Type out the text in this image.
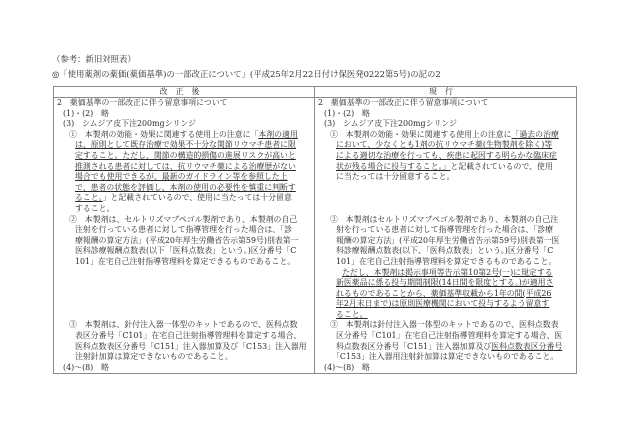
（参考：新旧対照表）
◎「使用薬剤の薬価(薬価基準)の一部改正について」(平成25年2月22日付け保医発0222第5号)の記の2
改正後	現行

2　薬価基準の一部改正に伴う留意事項について
(1)・(2)　略
(3)　シムジア皮下注200mgシリンジ
①　本製剤の効能・効果に関連する使用上の注意に「本剤の適用
は、原則として既存治療で効果不十分な関節リウマチ患者に限
定すること。ただし、関節の構造的損傷の進展リスクが高いと
推測される患者に対しては、抗リウマチ薬による治療歴がない
場合でも使用できるが、最新のガイドライン等を参照した上
で、患者の状態を評価し、本剤の使用の必要性を慎重に判断す
ること。」と記載されているので、使用に当たっては十分留意
すること。
②　本製剤は、セルトリズマブペゴル製剤であり、本製剤の自己
注射を行っている患者に対して指導管理を行った場合は、「診
療報酬の算定方法」(平成20年厚生労働省告示第59号)別表第一
医科診療報酬点数表(以下「医科点数表」という。)区分番号「C
101」在宅自己注射指導管理料を算定できるものであること。
③　本製剤は、針付注入器一体型のキットであるので、医科点数
表区分番号「C101」在宅自己注射指導管理料を算定する場合、
医科点数表区分番号「C151」注入器加算及び「C153」注入器用
注射針加算は算定できないものであること。
(4)～(8)　略

2　薬価基準の一部改正に伴う留意事項について
(1)・(2)　略
(3)　シムジア皮下注200mgシリンジ
①　本製剤の効能・効果に関連する使用上の注意に「過去の治療
において、少なくとも1剤の抗リウマチ薬(生物製剤を除く)等
による適切な治療を行っても、疾患に起因する明らかな臨床症
状が残る場合に投与すること。」と記載されているので、使用
に当たっては十分留意すること。
②　本製剤はセルトリズマブペゴル製剤であり、本製剤の自己注
射を行っている患者に対して指導管理を行った場合は、「診療
報酬の算定方法」(平成20年厚生労働省告示第59号)別表第一医
科診療報酬点数表(以下、「医科点数表」という。)区分番号「C
101」在宅自己注射指導管理料を算定できるものであること。
ただし、本製剤は掲示事項等告示第10第2号(一)に規定する
新医薬品に係る投与期間制限(14日間を限度とする。)が適用さ
れるものであることから、薬価基準収載から1年の間(平成26
年2月末日まで)は原則医療機関において投与するよう留意す
ること。
③　本製剤は針付注入器一体型のキットであるので、医科点数表
区分番号「C101」在宅自己注射指導管理料を算定する場合、医
科点数表区分番号「C151」注入器加算及び医科点数表区分番号
「C153」注入器用注射針加算は算定できないものであること。
(4)～(8)　略
